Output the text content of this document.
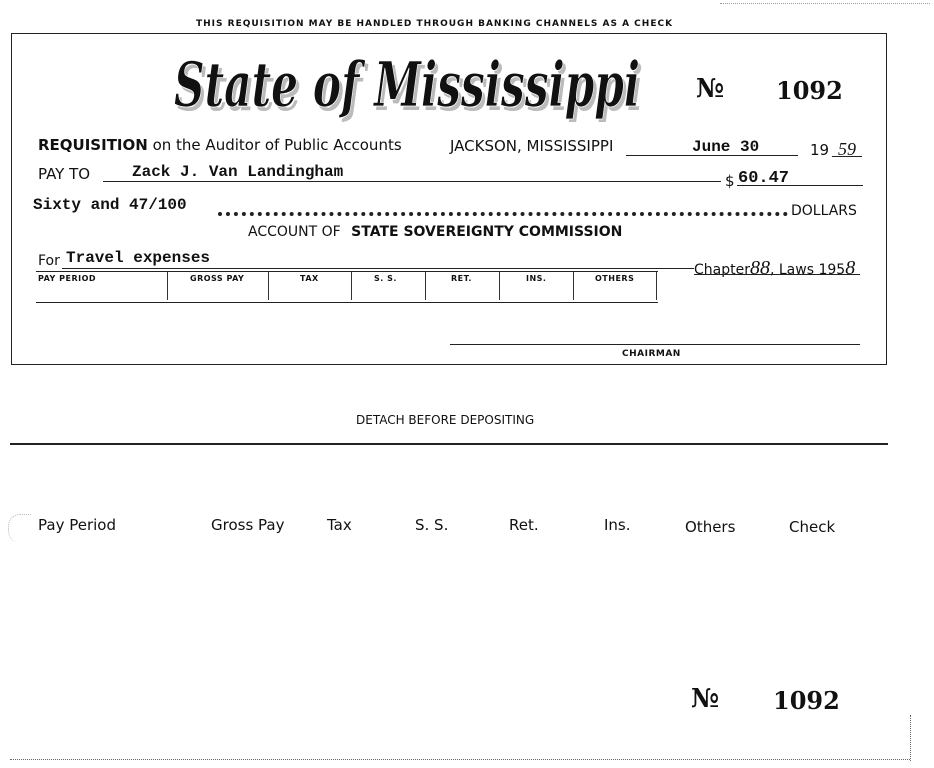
THIS REQUISITION MAY BE HANDLED THROUGH BANKING CHANNELS AS A CHECK
State of Mississippi
State of Mississippi № 1092
REQUISITION on the Auditor of Public Accounts	JACKSON, MISSISSIPPI	June 30	19 59
PAY TO	Zack J. Van Landingham	$ 60.47
Sixty and 47/100	DOLLARS
ACCOUNT OF STATE SOVEREIGNTY COMMISSION
For Travel expenses
Chapter88, Laws 1958
PAY PERIOD	GROSS PAY	TAX	S. S.	RET.	INS.	OTHERS
CHAIRMAN
DETACH BEFORE DEPOSITING
Pay Period	Gross Pay	Tax	S. S.	Ret.	Ins.	Others	Check
№ 1092
